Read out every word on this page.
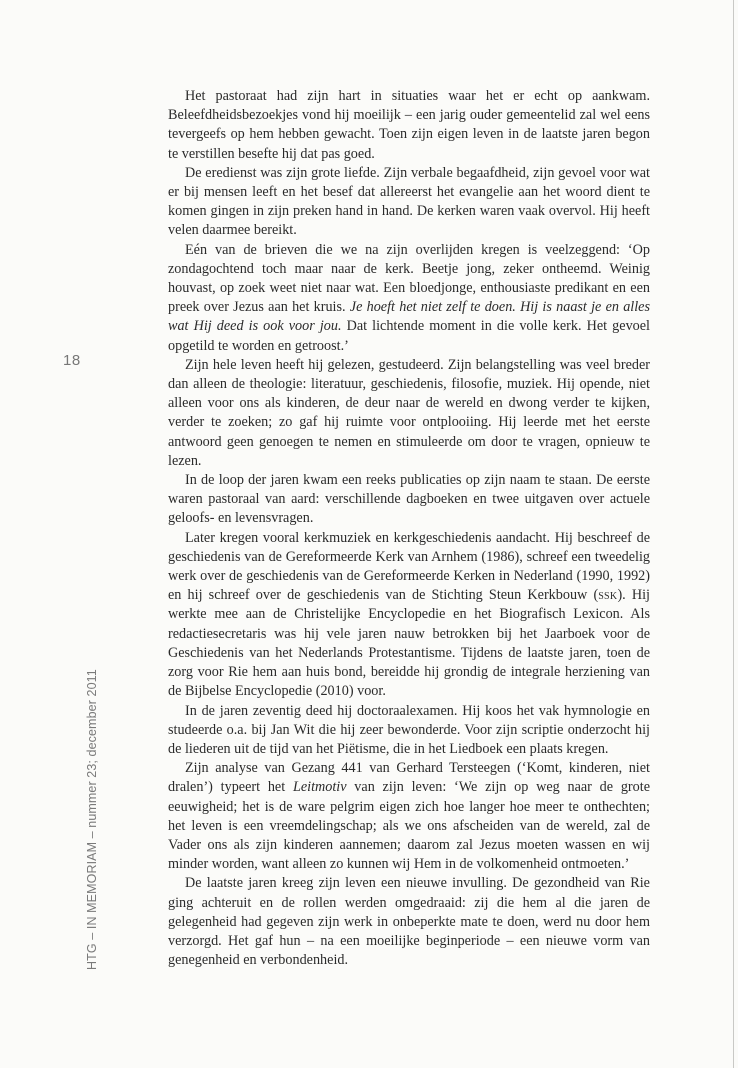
18
HTG – IN MEMORIAM – nummer 23; december 2011

Het pastoraat had zijn hart in situaties waar het er echt op aankwam. Beleefdheidsbezoekjes vond hij moeilijk – een jarig ouder gemeentelid zal wel eens tevergeefs op hem hebben gewacht. Toen zijn eigen leven in de laatste jaren begon te verstillen besefte hij dat pas goed.

De eredienst was zijn grote liefde. Zijn verbale begaafdheid, zijn gevoel voor wat er bij mensen leeft en het besef dat allereerst het evangelie aan het woord dient te komen gingen in zijn preken hand in hand. De kerken waren vaak overvol. Hij heeft velen daarmee bereikt.

Eén van de brieven die we na zijn overlijden kregen is veelzeggend: ‘Op zondagochtend toch maar naar de kerk. Beetje jong, zeker ontheemd. Weinig houvast, op zoek weet niet naar wat. Een bloedjonge, enthousiaste predikant en een preek over Jezus aan het kruis. Je hoeft het niet zelf te doen. Hij is naast je en alles wat Hij deed is ook voor jou. Dat lichtende moment in die volle kerk. Het gevoel opgetild te worden en getroost.’

Zijn hele leven heeft hij gelezen, gestudeerd. Zijn belangstelling was veel breder dan alleen de theologie: literatuur, geschiedenis, filosofie, muziek. Hij opende, niet alleen voor ons als kinderen, de deur naar de wereld en dwong verder te kijken, verder te zoeken; zo gaf hij ruimte voor ontplooiing. Hij leerde met het eerste antwoord geen genoegen te nemen en stimuleerde om door te vragen, opnieuw te lezen.

In de loop der jaren kwam een reeks publicaties op zijn naam te staan. De eerste waren pastoraal van aard: verschillende dagboeken en twee uitgaven over actuele geloofs- en levensvragen.

Later kregen vooral kerkmuziek en kerkgeschiedenis aandacht. Hij beschreef de geschiedenis van de Gereformeerde Kerk van Arnhem (1986), schreef een tweedelig werk over de geschiedenis van de Gereformeerde Kerken in Nederland (1990, 1992) en hij schreef over de geschiedenis van de Stichting Steun Kerkbouw (ssk). Hij werkte mee aan de Christelijke Encyclopedie en het Biografisch Lexicon. Als redactiesecretaris was hij vele jaren nauw betrokken bij het Jaarboek voor de Geschiedenis van het Nederlands Protestantisme. Tijdens de laatste jaren, toen de zorg voor Rie hem aan huis bond, bereidde hij grondig de integrale herziening van de Bijbelse Encyclopedie (2010) voor.

In de jaren zeventig deed hij doctoraalexamen. Hij koos het vak hymnologie en studeerde o.a. bij Jan Wit die hij zeer bewonderde. Voor zijn scriptie onderzocht hij de liederen uit de tijd van het Piëtisme, die in het Liedboek een plaats kregen.

Zijn analyse van Gezang 441 van Gerhard Tersteegen (‘Komt, kinderen, niet dralen’) typeert het Leitmotiv van zijn leven: ‘We zijn op weg naar de grote eeuwigheid; het is de ware pelgrim eigen zich hoe langer hoe meer te onthechten; het leven is een vreemdelingschap; als we ons afscheiden van de wereld, zal de Vader ons als zijn kinderen aannemen; daarom zal Jezus moeten wassen en wij minder worden, want alleen zo kunnen wij Hem in de volkomenheid ontmoeten.’

De laatste jaren kreeg zijn leven een nieuwe invulling. De gezondheid van Rie ging achteruit en de rollen werden omgedraaid: zij die hem al die jaren de gelegenheid had gegeven zijn werk in onbeperkte mate te doen, werd nu door hem verzorgd. Het gaf hun – na een moeilijke beginperiode – een nieuwe vorm van genegenheid en verbondenheid.
